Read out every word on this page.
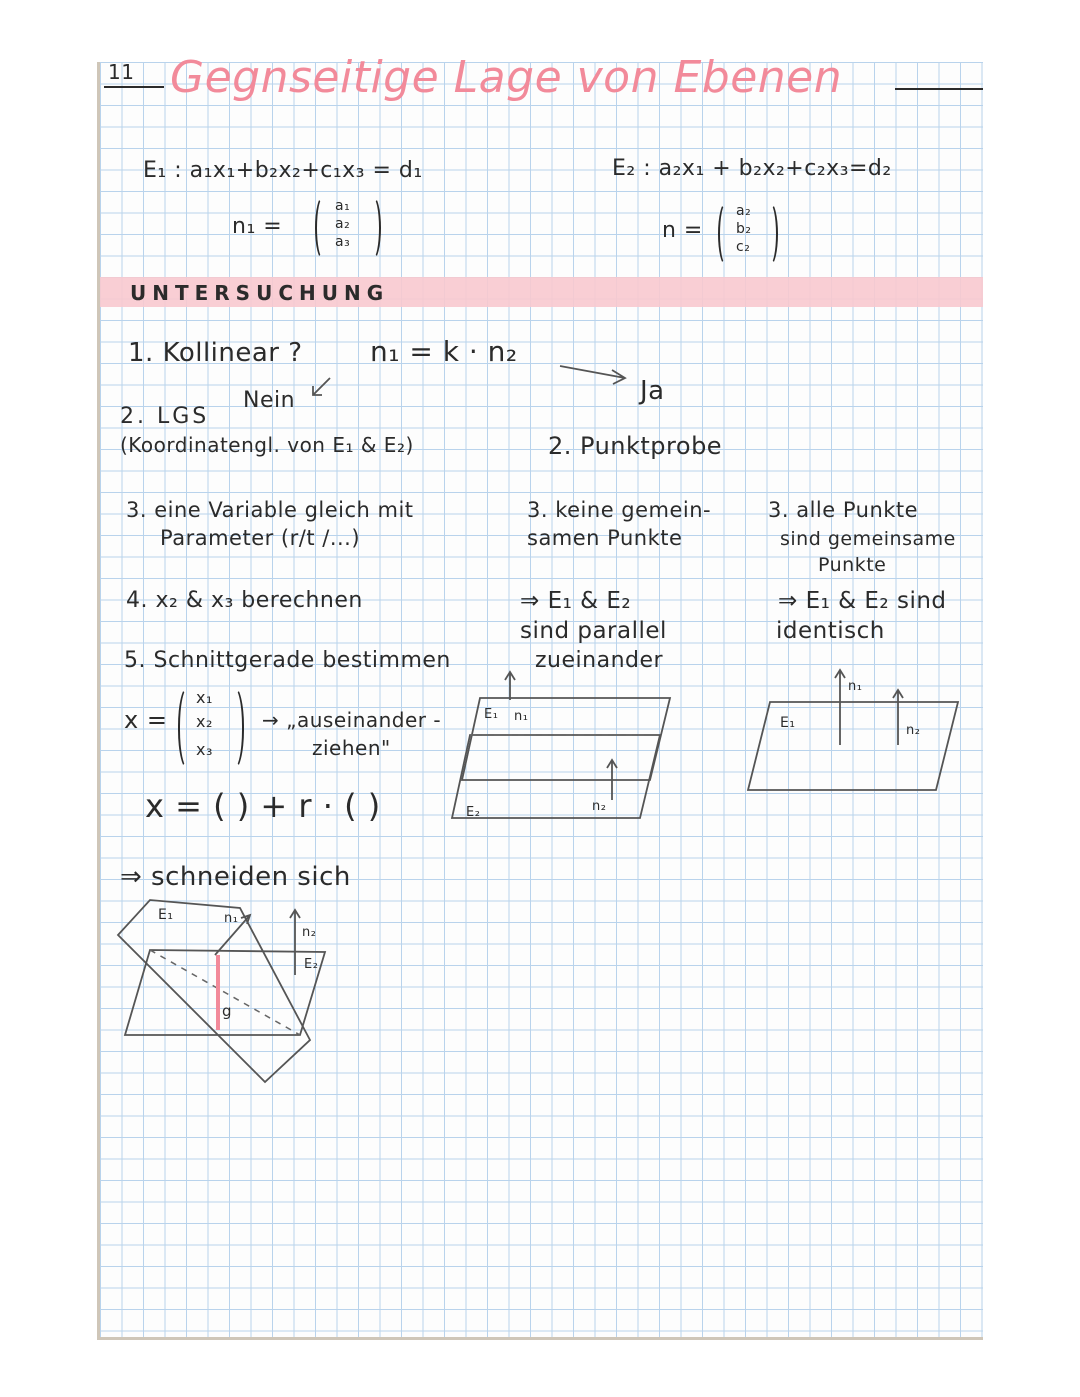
11 Gegnseitige Lage von Ebenen
E₁ : a₁x₁+b₂x₂+c₁x₃ = d₁	E₂ : a₂x₁ + b₂x₂+c₂x₃=d₂
n₁ =
a₁
a₂
a₃	n =
a₂
b₂
c₂
UNTERSUCHUNG
1. Kollinear ? n₁ = k · n₂
Ja
Nein
2. LGS
(Koordinatengl. von E₁ & E₂)	2. Punktprobe
3. eine Variable gleich mit
Parameter (r/t /...)
3. keine gemein-
samen Punkte
3. alle Punkte
sind gemeinsame
Punkte
4. x₂ & x₃ berechnen	⇒ E₁ & E₂
sind parallel
zueinander
⇒ E₁ & E₂ sind
identisch
5. Schnittgerade bestimmen
x =
x₁
x₂
x₃
→ „auseinander -
ziehen"
x = ( ) + r · ( )
⇒ schneiden sich
E₁ n₁
E₂	n₂
E₁
n₁
n₂
E₁	n₁
n₂
E₂
g
